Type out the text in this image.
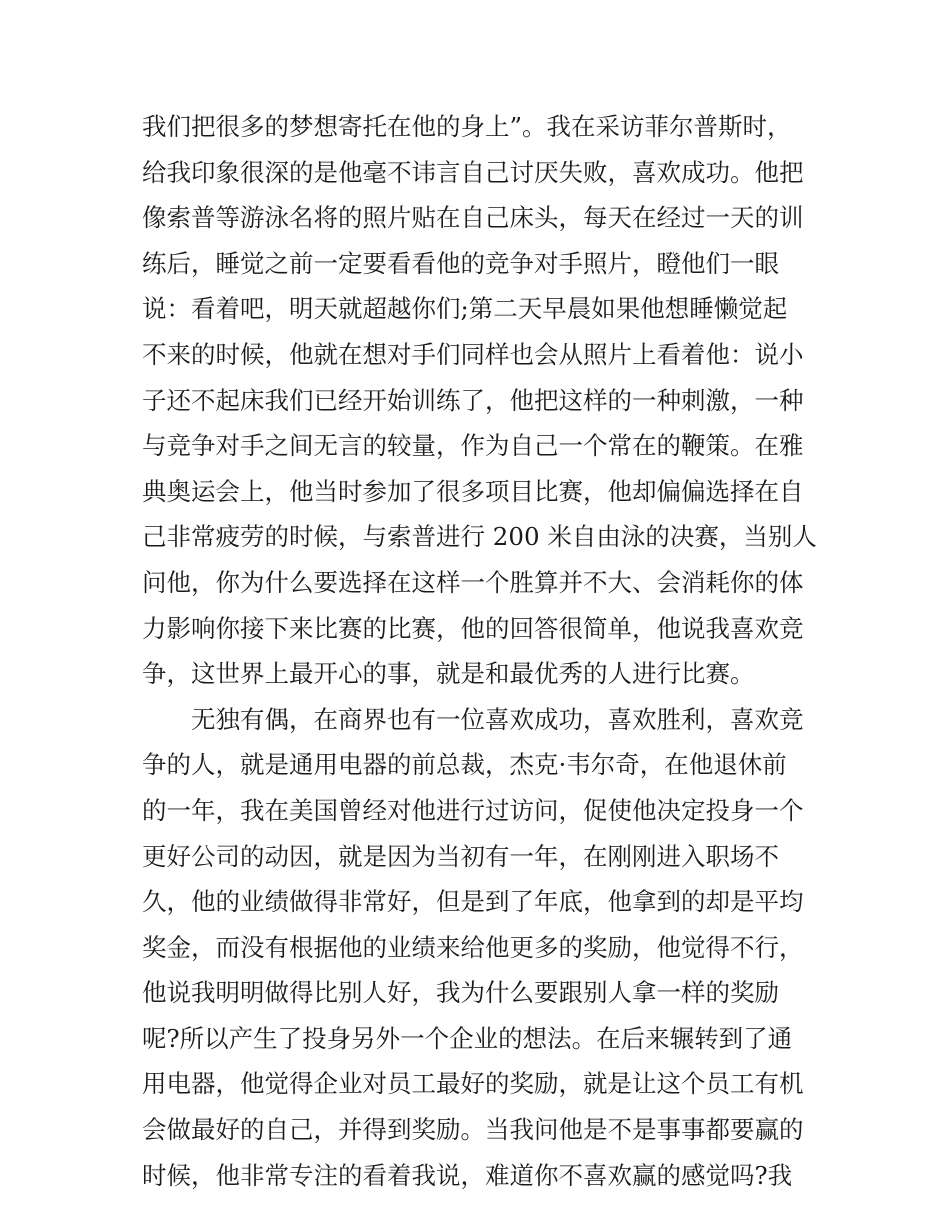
我们把很多的梦想寄托在他的身上”。我在采访菲尔普斯时，
给我印象很深的是他毫不讳言自己讨厌失败，喜欢成功。他把
像索普等游泳名将的照片贴在自己床头，每天在经过一天的训
练后，睡觉之前一定要看看他的竞争对手照片，瞪他们一眼
说：看着吧，明天就超越你们;第二天早晨如果他想睡懒觉起
不来的时候，他就在想对手们同样也会从照片上看着他：说小
子还不起床我们已经开始训练了，他把这样的一种刺激，一种
与竞争对手之间无言的较量，作为自己一个常在的鞭策。在雅
典奥运会上，他当时参加了很多项目比赛，他却偏偏选择在自
己非常疲劳的时候，与索普进行 200 米自由泳的决赛，当别人
问他，你为什么要选择在这样一个胜算并不大、会消耗你的体
力影响你接下来比赛的比赛，他的回答很简单，他说我喜欢竞
争，这世界上最开心的事，就是和最优秀的人进行比赛。

无独有偶，在商界也有一位喜欢成功，喜欢胜利，喜欢竞
争的人，就是通用电器的前总裁，杰克·韦尔奇，在他退休前
的一年，我在美国曾经对他进行过访问，促使他决定投身一个
更好公司的动因，就是因为当初有一年，在刚刚进入职场不
久，他的业绩做得非常好，但是到了年底，他拿到的却是平均
奖金，而没有根据他的业绩来给他更多的奖励，他觉得不行，
他说我明明做得比别人好，我为什么要跟别人拿一样的奖励
呢?所以产生了投身另外一个企业的想法。在后来辗转到了通
用电器，他觉得企业对员工最好的奖励，就是让这个员工有机
会做最好的自己，并得到奖励。当我问他是不是事事都要赢的
时候，他非常专注的看着我说，难道你不喜欢赢的感觉吗?我
